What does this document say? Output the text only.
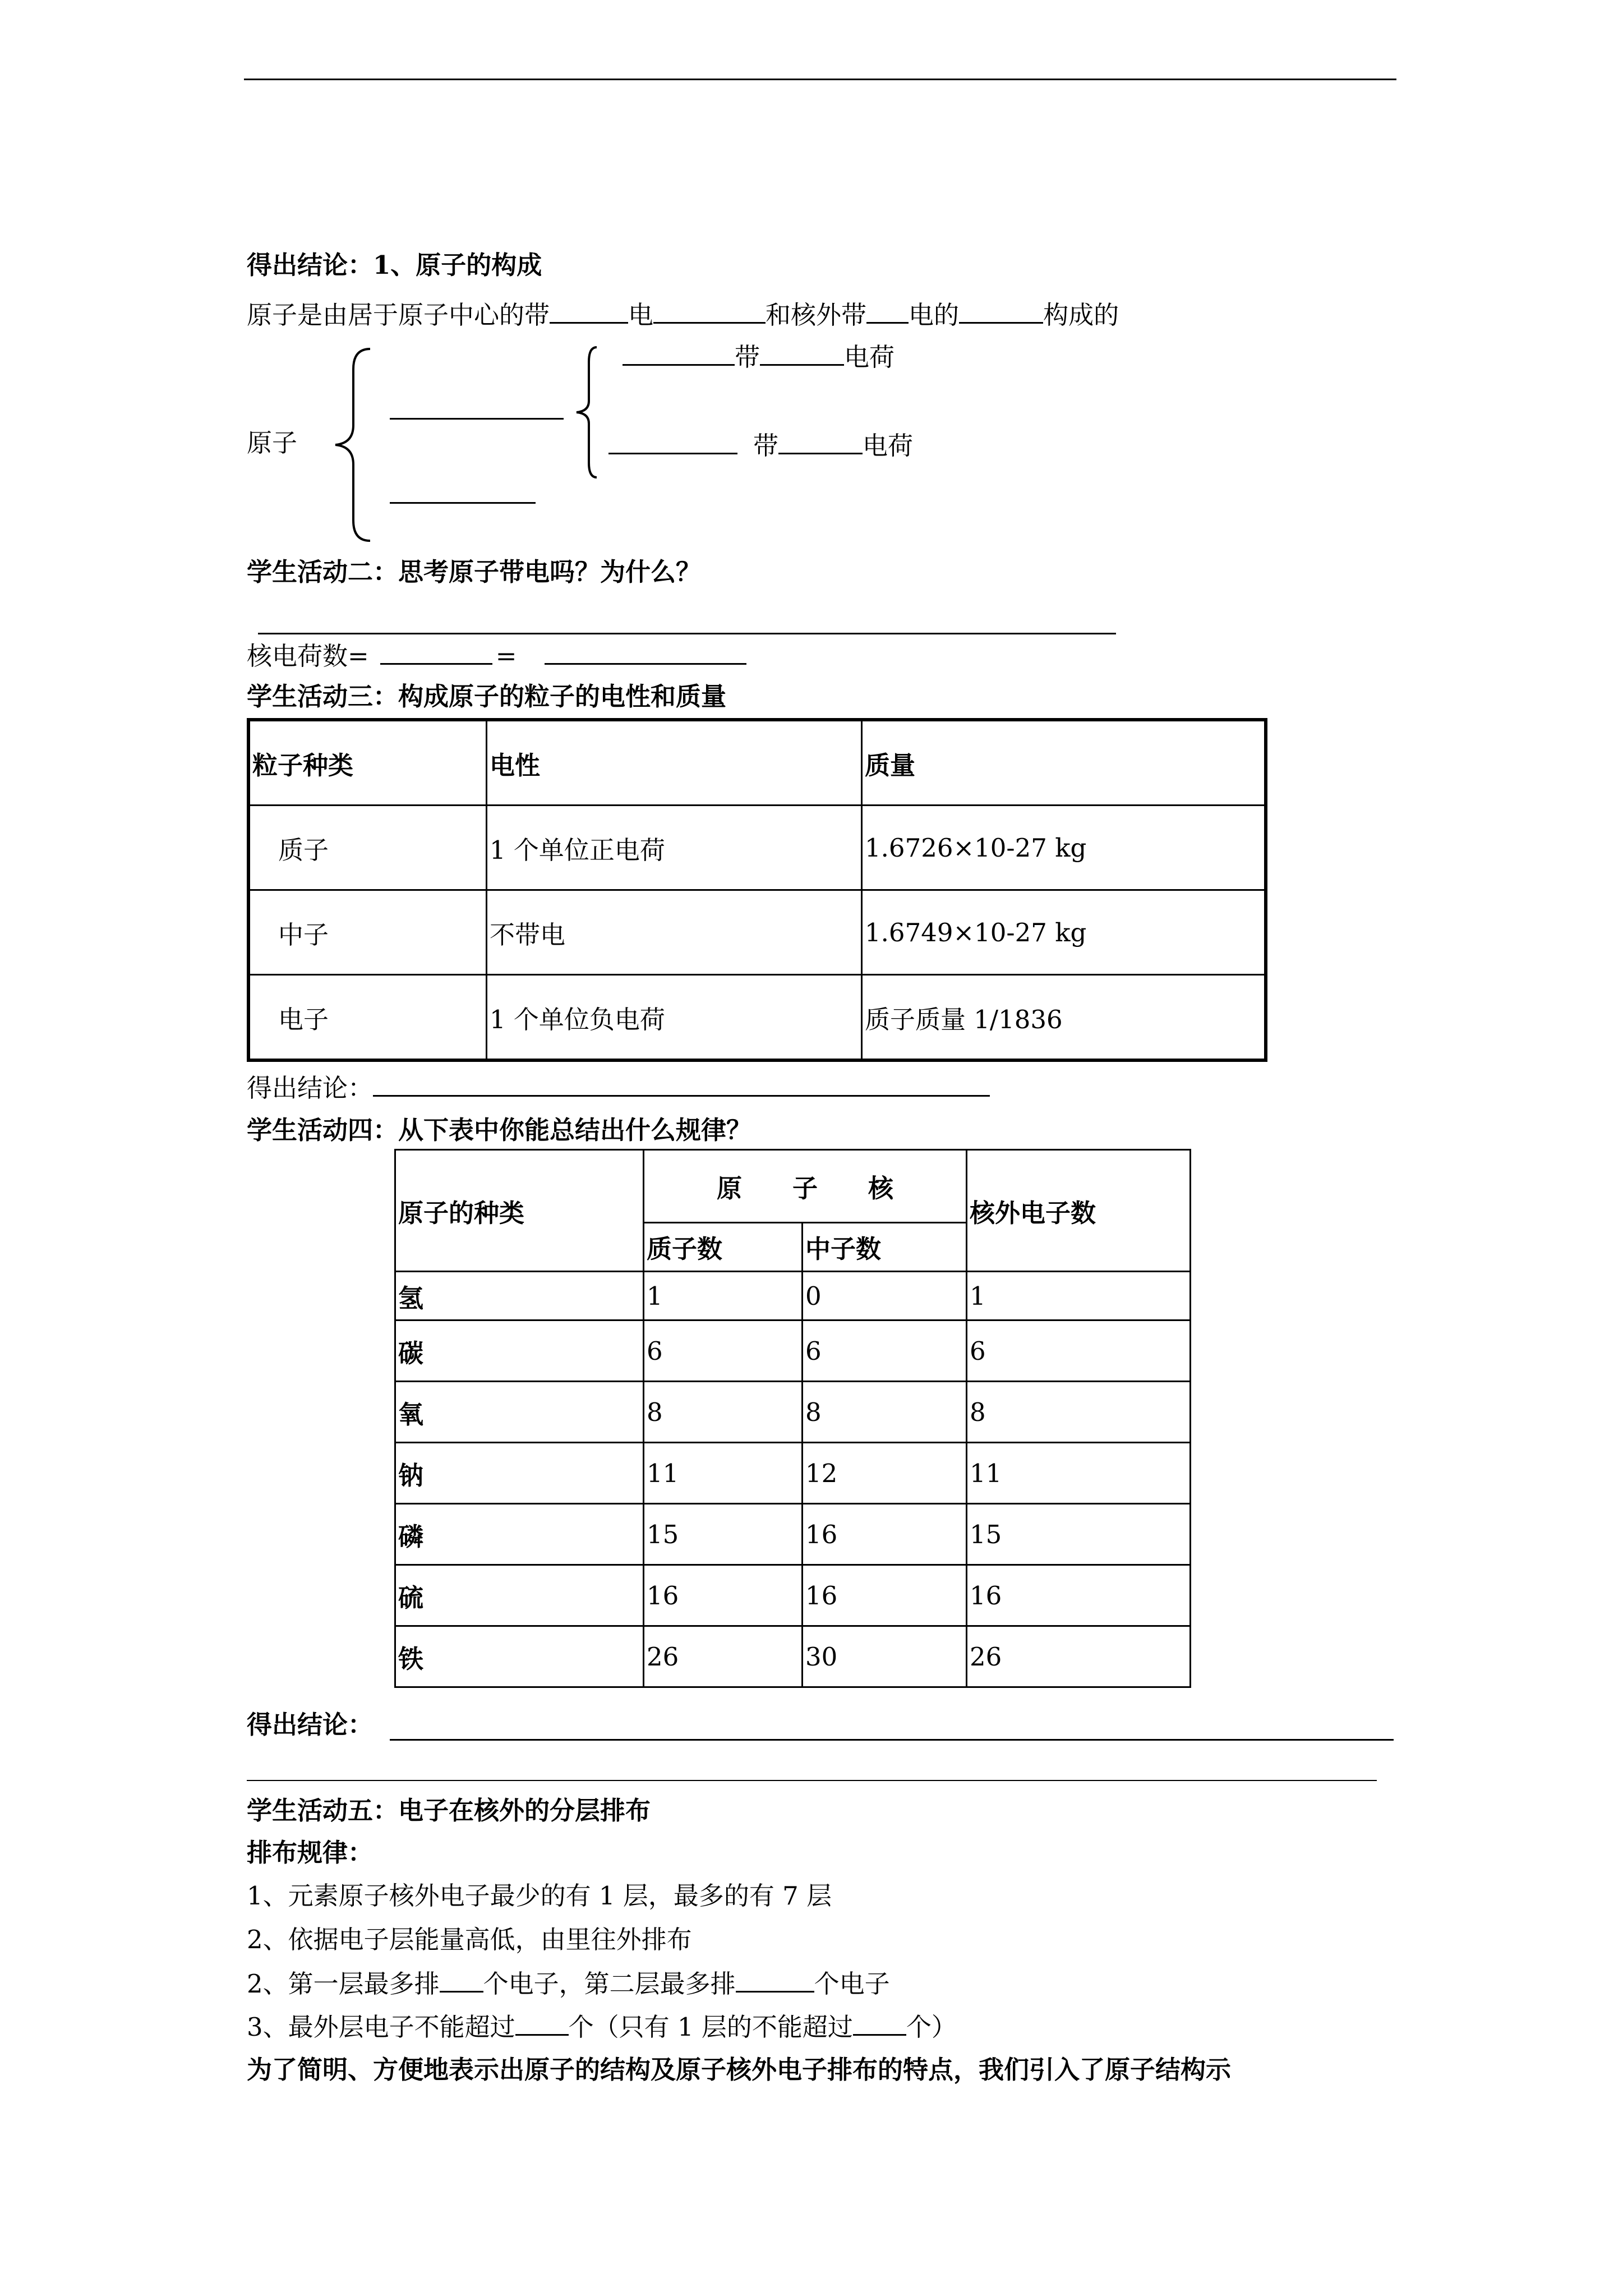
得出结论：1、原子的构成
原子是由居于原子中心的带	电	和核外带 电的	构成的
原子
带	电荷
带	电荷
学生活动二：思考原子带电吗？为什么？
核电荷数=	=
学生活动三：构成原子的粒子的电性和质量
粒子种类	电性	质量
质子	1 个单位正电荷	1.6726×10-27 kg
中子	不带电	1.6749×10-27 kg
电子	1 个单位负电荷	质子质量 1/1836
得出结论：
学生活动四：从下表中你能总结出什么规律？
原子的种类	原　　子　　核		核外电子数
	质子数	中子数	
氢	1	0	1
碳	6	6	6
氧	8	8	8
钠	11	12	11
磷	15	16	15
硫	16	16	16
铁	26	30	26
得出结论：
学生活动五：电子在核外的分层排布
排布规律：
1、元素原子核外电子最少的有 1 层，最多的有 7 层
2、依据电子层能量高低，由里往外排布
2、第一层最多排 个电子，第二层最多排	个电子
3、最外层电子不能超过 个（只有 1 层的不能超过 个）
为了简明、方便地表示出原子的结构及原子核外电子排布的特点，我们引入了原子结构示
